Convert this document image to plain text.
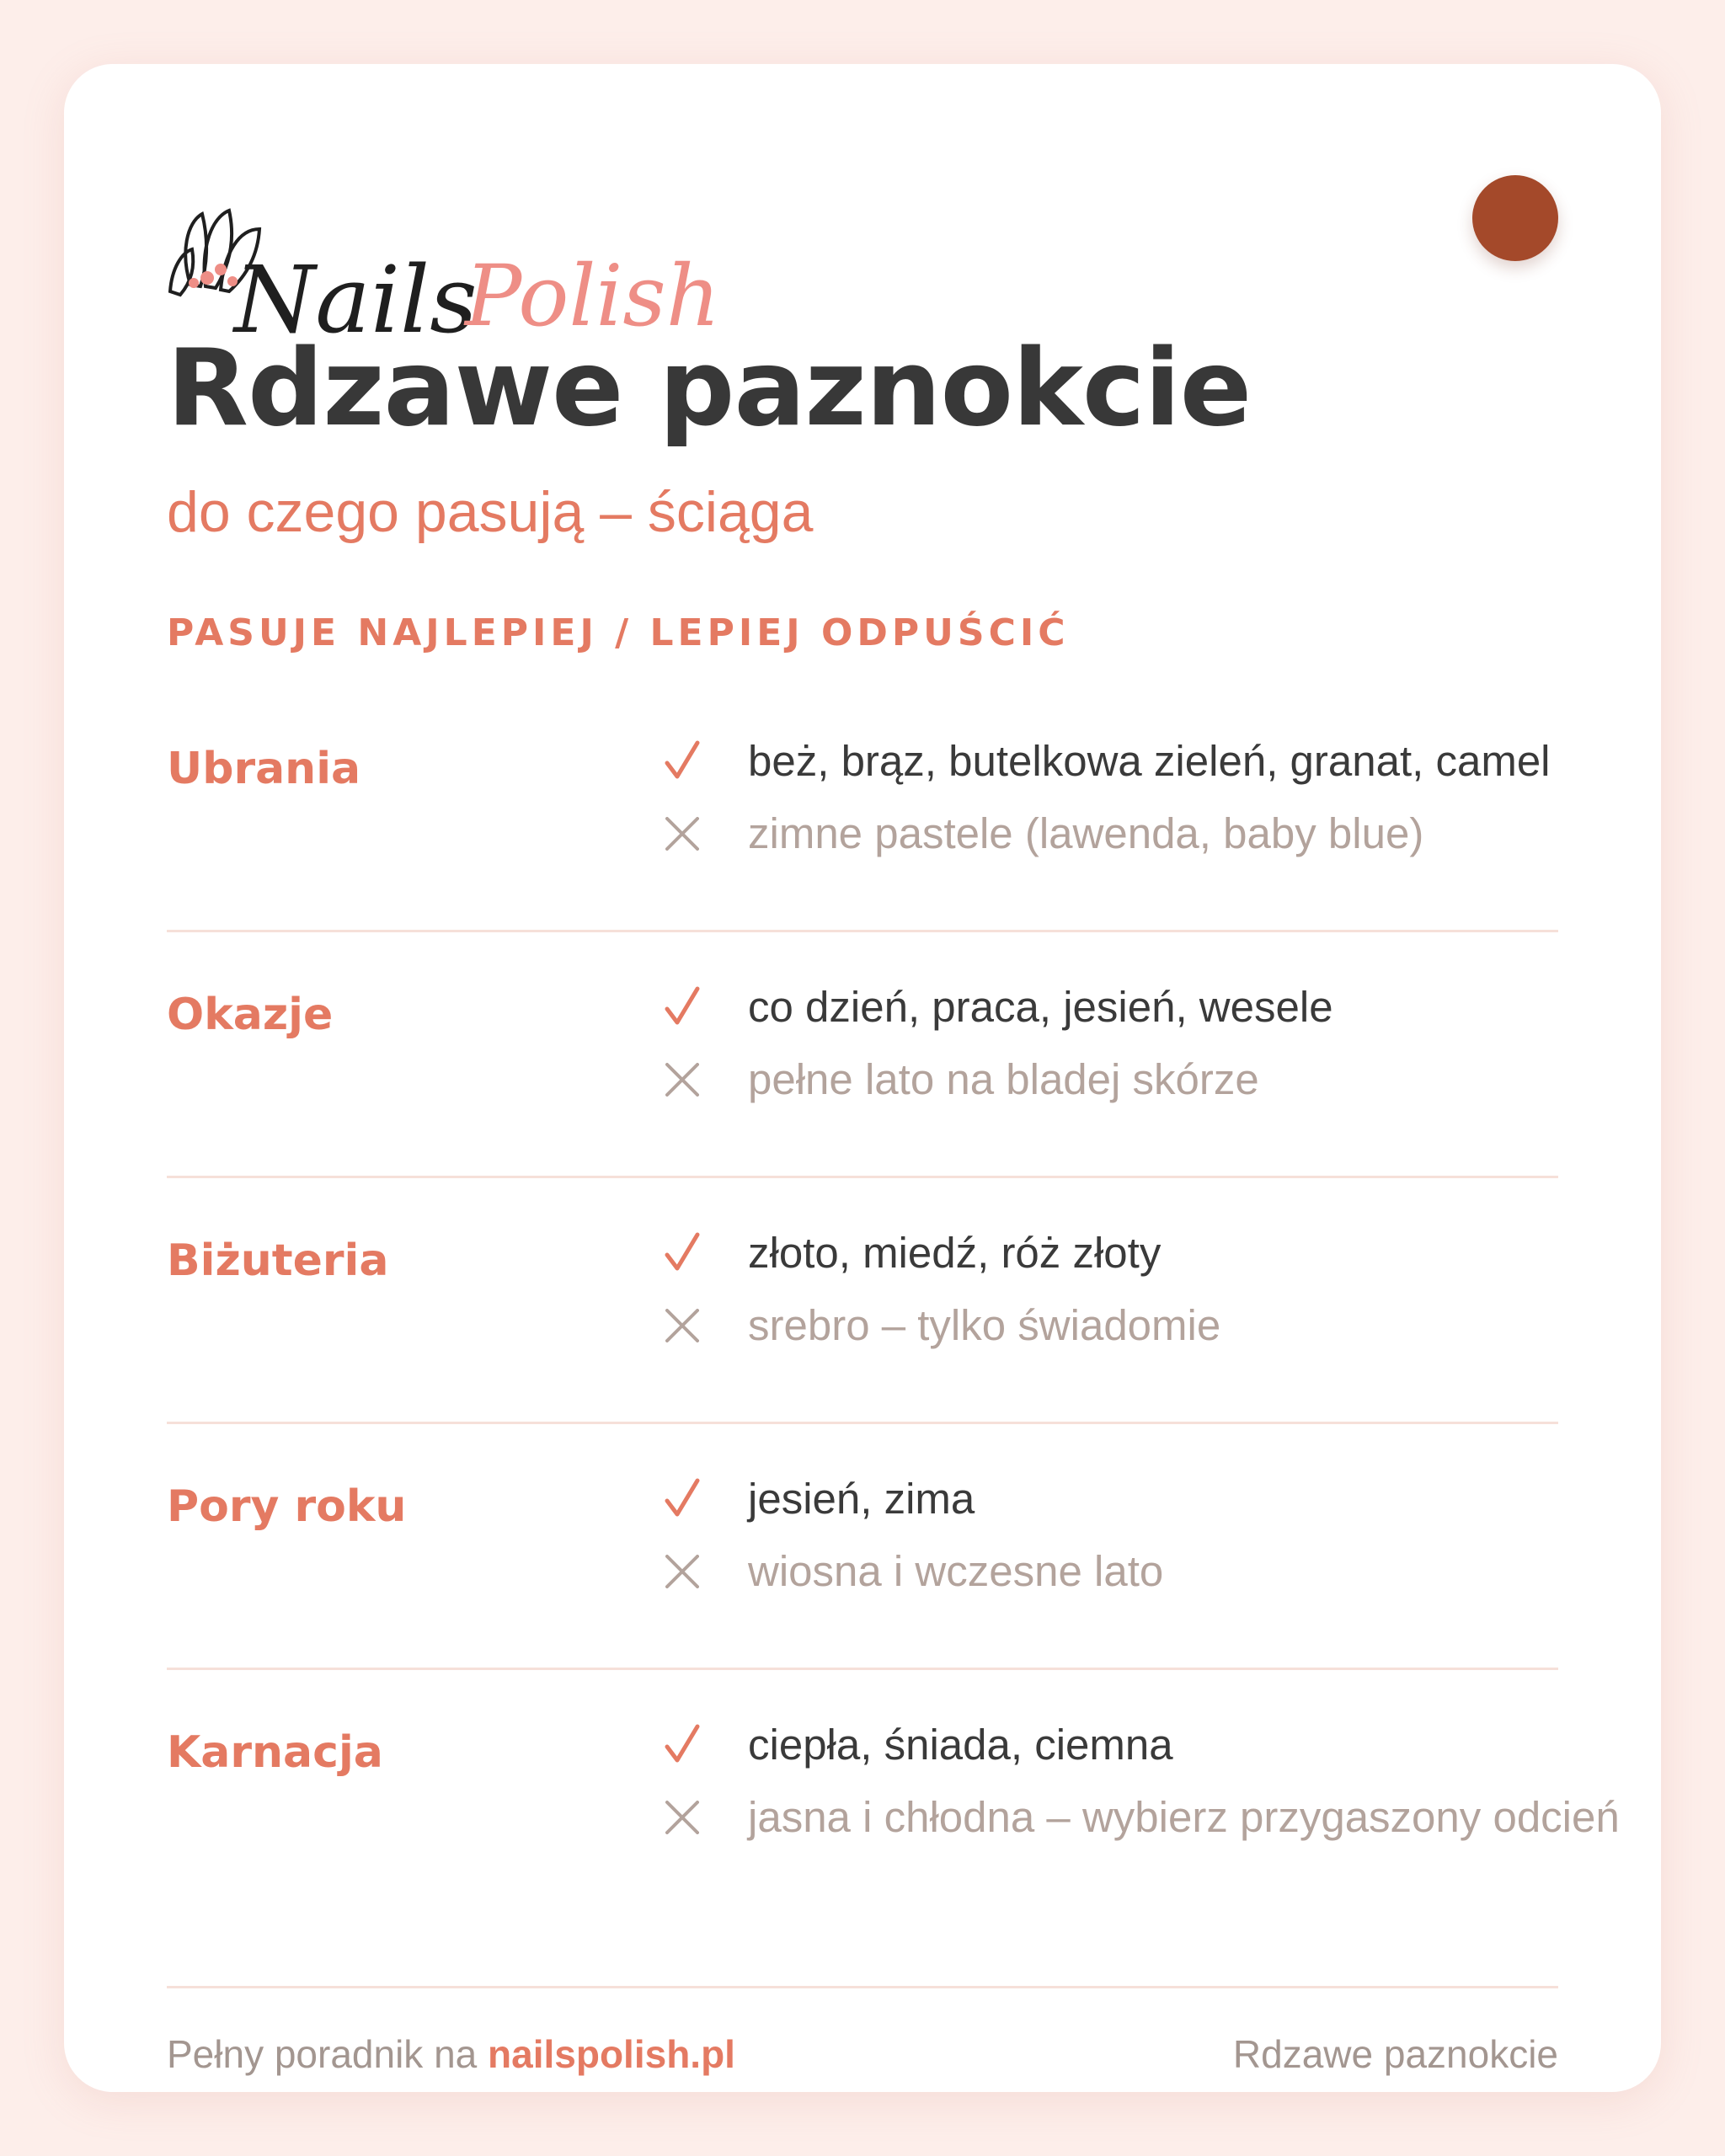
Nails
Polish
Rdzawe paznokcie

do czego pasują – ściąga

PASUJE NAJLEPIEJ / LEPIEJ ODPUŚCIĆ

Ubrania	beż, brąz, butelkowa zieleń, granat, camel
zimne pastele (lawenda, baby blue)

Okazje	co dzień, praca, jesień, wesele
pełne lato na bladej skórze

Biżuteria	złoto, miedź, róż złoty
srebro – tylko świadomie

Pory roku	jesień, zima
wiosna i wczesne lato

Karnacja	ciepła, śniada, ciemna
jasna i chłodna – wybierz przygaszony odcień

Pełny poradnik na nailspolish.pl	Rdzawe paznokcie
